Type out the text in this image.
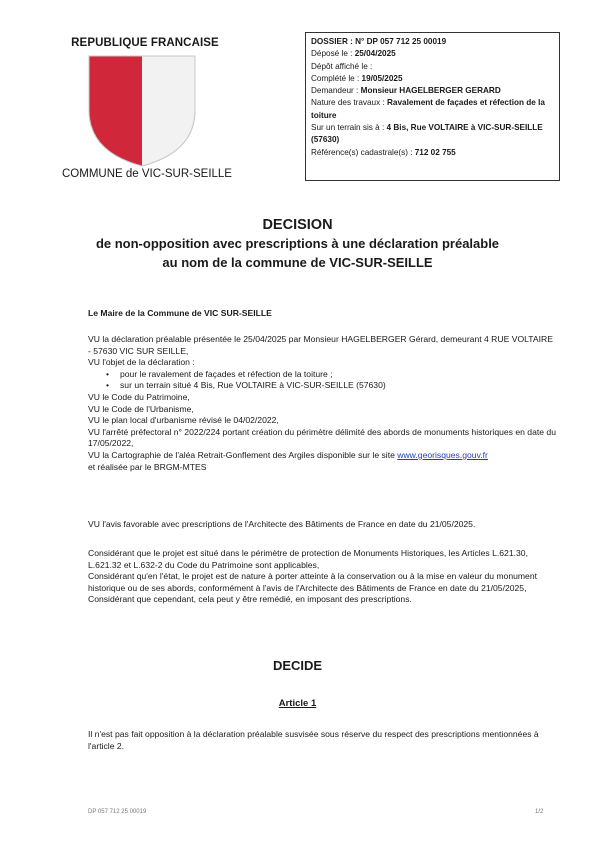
REPUBLIQUE FRANCAISE
COMMUNE de VIC-SUR-SEILLE
DOSSIER : N° DP 057 712 25 00019
Déposé le : 25/04/2025
Dépôt affiché le :
Complété le : 19/05/2025
Demandeur : Monsieur HAGELBERGER GERARD
Nature des travaux : Ravalement de façades et réfection de la toiture
Sur un terrain sis à : 4 Bis, Rue VOLTAIRE à VIC-SUR-SEILLE (57630)
Référence(s) cadastrale(s) : 712 02 755
DECISION
de non-opposition avec prescriptions à une déclaration préalable
au nom de la commune de VIC-SUR-SEILLE
Le Maire de la Commune de VIC SUR-SEILLE
VU la déclaration préalable présentée le 25/04/2025 par Monsieur HAGELBERGER Gérard, demeurant 4 RUE VOLTAIRE - 57630 VIC SUR SEILLE,
VU l'objet de la déclaration :
• pour le ravalement de façades et réfection de la toiture ;
• sur un terrain situé 4 Bis, Rue VOLTAIRE à VIC-SUR-SEILLE (57630)
VU le Code du Patrimoine,
VU le Code de l'Urbanisme,
VU le plan local d'urbanisme révisé le 04/02/2022,
VU l'arrêté préfectoral n° 2022/224 portant création du périmètre délimité des abords de monuments historiques en date du 17/05/2022,
VU la Cartographie de l'aléa Retrait-Gonflement des Argiles disponible sur le site www.georisques.gouv.fr
et réalisée par le BRGM-MTES
VU l'avis favorable avec prescriptions de l'Architecte des Bâtiments de France en date du 21/05/2025.
Considérant que le projet est situé dans le périmètre de protection de Monuments Historiques, les Articles L.621.30, L.621.32 et L.632-2 du Code du Patrimoine sont applicables,
Considérant qu'en l'état, le projet est de nature à porter atteinte à la conservation ou à la mise en valeur du monument historique ou de ses abords, conformément à l'avis de l'Architecte des Bâtiments de France en date du 21/05/2025,
Considérant que cependant, cela peut y être remédié, en imposant des prescriptions.
DECIDE
Article 1
Il n'est pas fait opposition à la déclaration préalable susvisée sous réserve du respect des prescriptions mentionnées à l'article 2.
DP 057 712 25 00019	1/2
